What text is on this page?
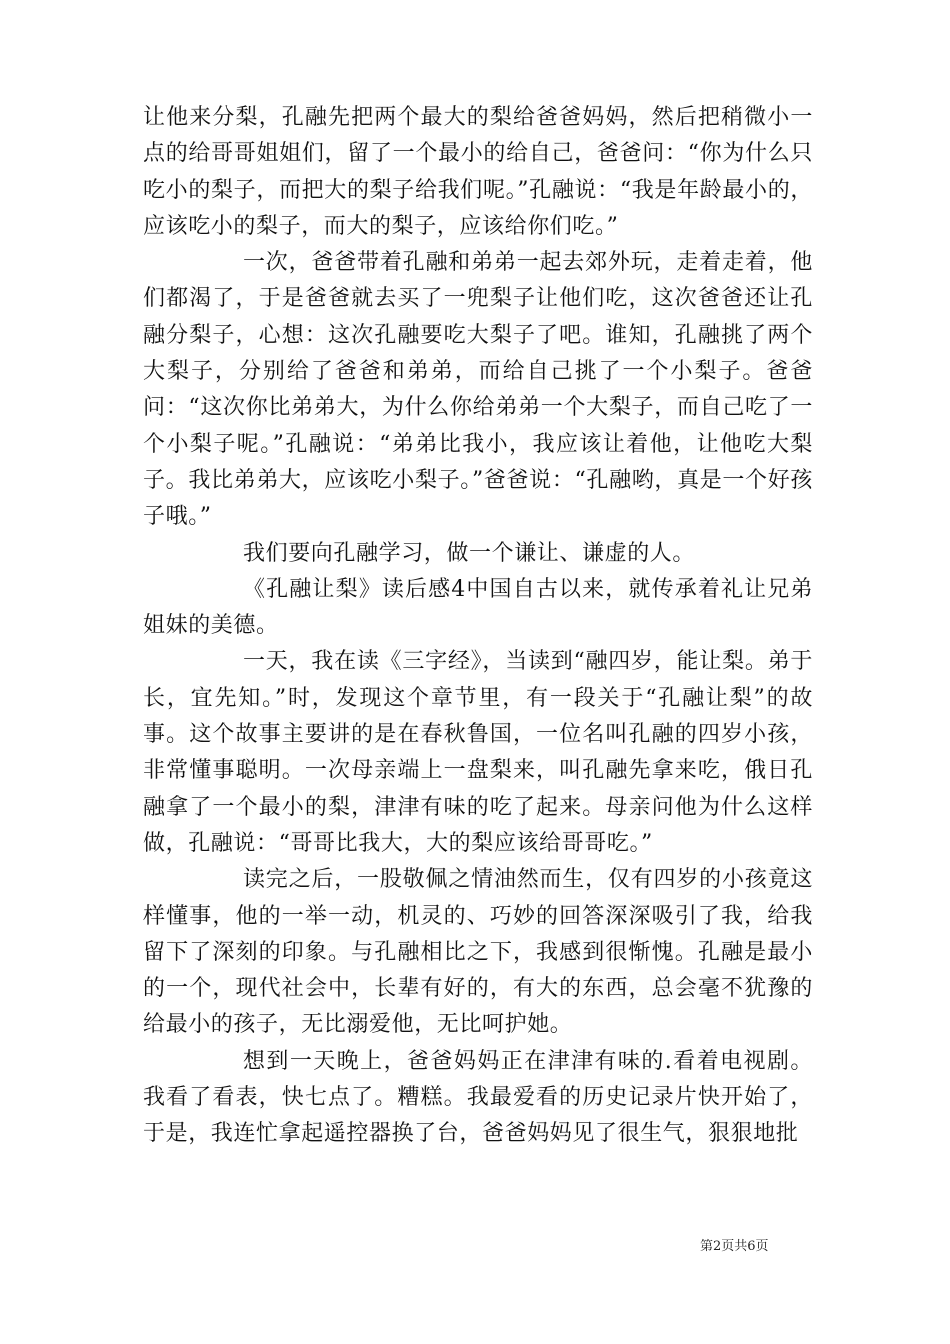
让他来分梨，孔融先把两个最大的梨给爸爸妈妈，然后把稍微小一点的给哥哥姐姐们，留了一个最小的给自己，爸爸问：“你为什么只吃小的梨子，而把大的梨子给我们呢。”孔融说：“我是年龄最小的，应该吃小的梨子，而大的梨子，应该给你们吃。”

一次，爸爸带着孔融和弟弟一起去郊外玩，走着走着，他们都渴了，于是爸爸就去买了一兜梨子让他们吃，这次爸爸还让孔融分梨子，心想：这次孔融要吃大梨子了吧。谁知，孔融挑了两个大梨子，分别给了爸爸和弟弟，而给自己挑了一个小梨子。爸爸问：“这次你比弟弟大，为什么你给弟弟一个大梨子，而自己吃了一个小梨子呢。”孔融说：“弟弟比我小，我应该让着他，让他吃大梨子。我比弟弟大，应该吃小梨子。”爸爸说：“孔融哟，真是一个好孩子哦。”

我们要向孔融学习，做一个谦让、谦虚的人。

《孔融让梨》读后感4中国自古以来，就传承着礼让兄弟姐妹的美德。

一天，我在读《三字经》，当读到“融四岁，能让梨。弟于长，宜先知。”时，发现这个章节里，有一段关于“孔融让梨”的故事。这个故事主要讲的是在春秋鲁国，一位名叫孔融的四岁小孩，非常懂事聪明。一次母亲端上一盘梨来，叫孔融先拿来吃，俄日孔融拿了一个最小的梨，津津有味的吃了起来。母亲问他为什么这样做，孔融说：“哥哥比我大，大的梨应该给哥哥吃。”

读完之后，一股敬佩之情油然而生，仅有四岁的小孩竟这样懂事，他的一举一动，机灵的、巧妙的回答深深吸引了我，给我留下了深刻的印象。与孔融相比之下，我感到很惭愧。孔融是最小的一个，现代社会中，长辈有好的，有大的东西，总会毫不犹豫的给最小的孩子，无比溺爱他，无比呵护她。

想到一天晚上，爸爸妈妈正在津津有味的.看着电视剧。我看了看表，快七点了。糟糕。我最爱看的历史记录片快开始了，于是，我连忙拿起遥控器换了台，爸爸妈妈见了很生气，狠狠地批

第2页共6页
